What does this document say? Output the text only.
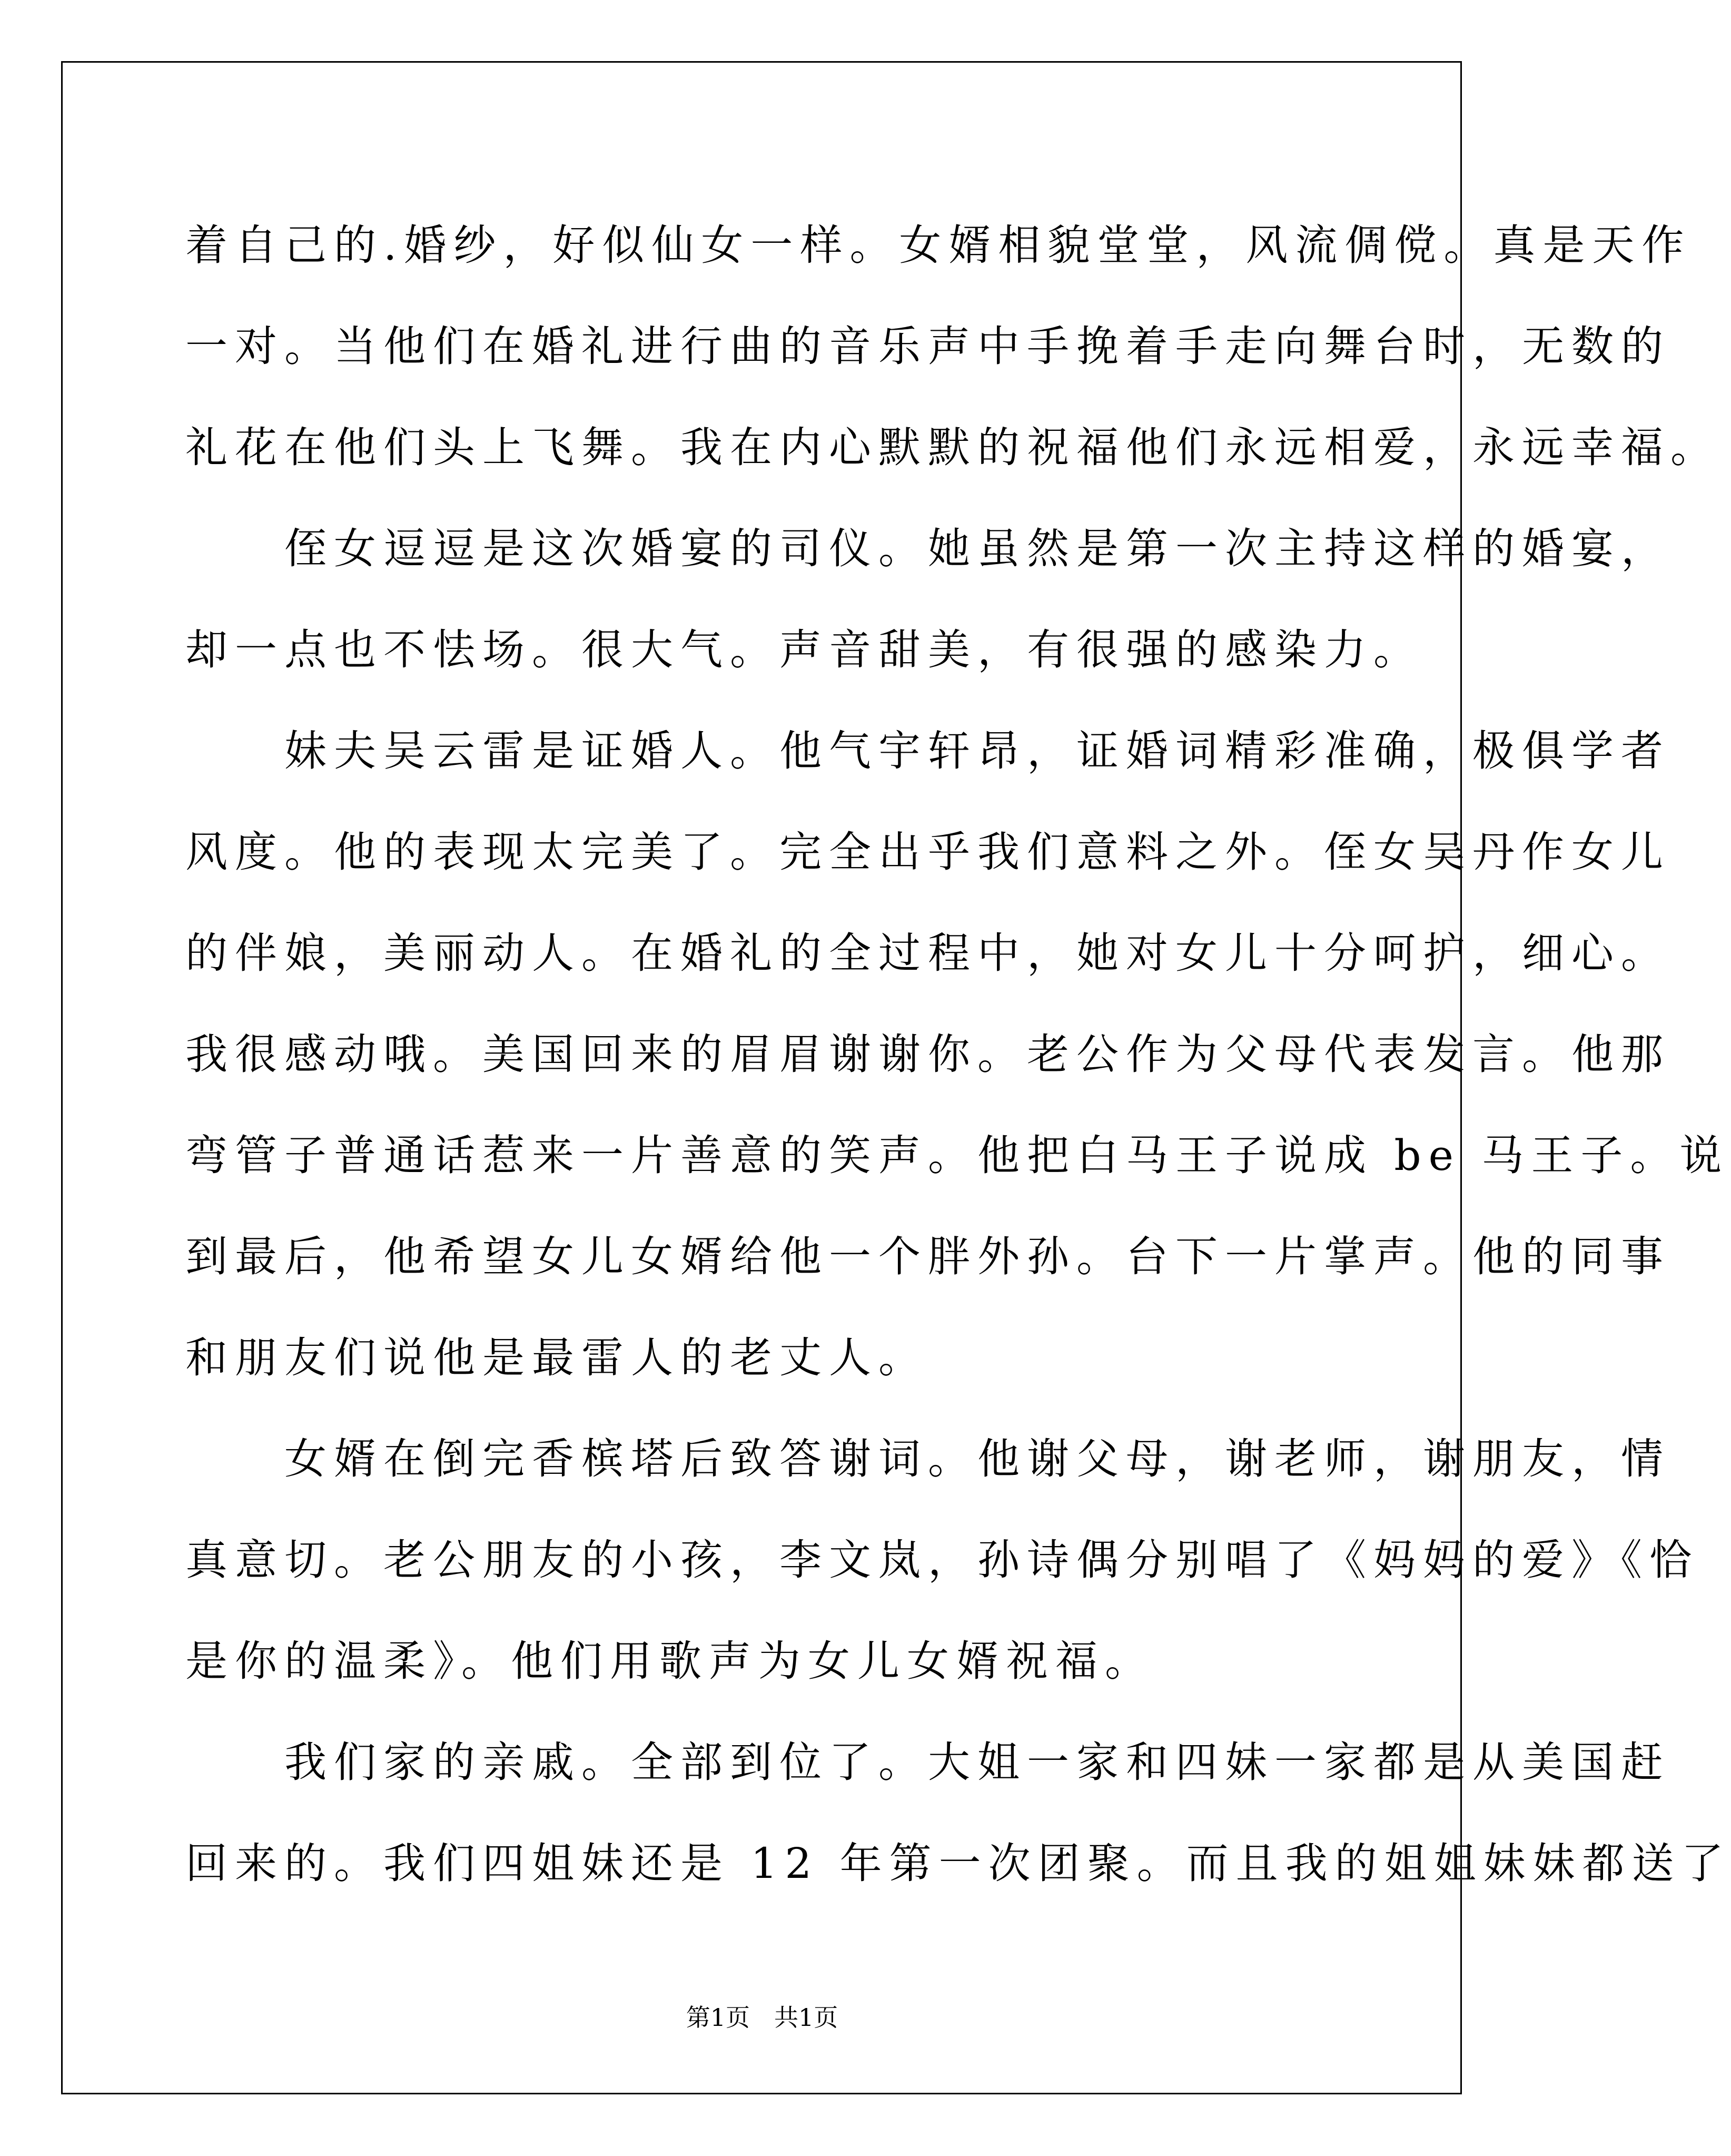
着自己的.婚纱，好似仙女一样。女婿相貌堂堂，风流倜傥。真是天作
一对。当他们在婚礼进行曲的音乐声中手挽着手走向舞台时，无数的
礼花在他们头上飞舞。我在内心默默的祝福他们永远相爱，永远幸福。
　　侄女逗逗是这次婚宴的司仪。她虽然是第一次主持这样的婚宴，
却一点也不怯场。很大气。声音甜美，有很强的感染力。
　　妹夫吴云雷是证婚人。他气宇轩昂，证婚词精彩准确，极俱学者
风度。他的表现太完美了。完全出乎我们意料之外。侄女吴丹作女儿
的伴娘，美丽动人。在婚礼的全过程中，她对女儿十分呵护，细心。
我很感动哦。美国回来的眉眉谢谢你。老公作为父母代表发言。他那
弯管子普通话惹来一片善意的笑声。他把白马王子说成 be 马王子。说
到最后，他希望女儿女婿给他一个胖外孙。台下一片掌声。他的同事
和朋友们说他是最雷人的老丈人。
　　女婿在倒完香槟塔后致答谢词。他谢父母，谢老师，谢朋友，情
真意切。老公朋友的小孩，李文岚，孙诗偶分别唱了《妈妈的爱》《恰
是你的温柔》。他们用歌声为女儿女婿祝福。
　　我们家的亲戚。全部到位了。大姐一家和四妹一家都是从美国赶
回来的。我们四姐妹还是 12 年第一次团聚。而且我的姐姐妹妹都送了
第1页　共1页
